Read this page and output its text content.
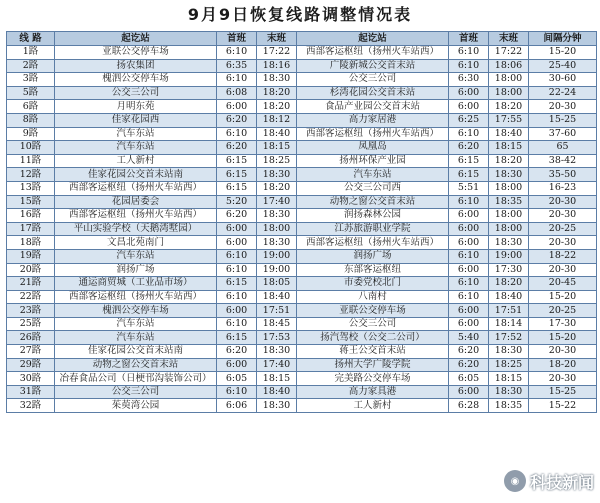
9月9日恢复线路调整情况表
线 路	起讫站	首班	末班	起讫站	首班	末班	间隔分钟
1路	亚联公交停车场	6:10	17:22	西部客运枢纽（扬州火车站西）	6:10	17:22	15-20
2路	扬农集团	6:35	18:16	广陵新城公交首末站	6:10	18:06	25-40
3路	槐泗公交停车场	6:10	18:30	公交三公司	6:30	18:00	30-60
5路	公交三公司	6:08	18:20	杉湾花园公交首末站	6:00	18:00	22-24
6路	月明东苑	6:00	18:20	食品产业园公交首末站	6:00	18:20	20-30
8路	佳家花园西	6:20	18:12	高力家居港	6:25	17:55	15-25
9路	汽车东站	6:10	18:40	西部客运枢纽（扬州火车站西）	6:10	18:40	37-60
10路	汽车东站	6:20	18:15	凤凰岛	6:20	18:15	65
11路	工人新村	6:15	18:25	扬州环保产业园	6:15	18:20	38-42
12路	佳家花园公交首末站南	6:15	18:30	汽车东站	6:15	18:30	35-50
13路	西部客运枢纽（扬州火车站西）	6:15	18:20	公交三公司西	5:51	18:00	16-23
15路	花园居委会	5:20	17:40	动物之窗公交首末站	6:10	18:35	20-30
16路	西部客运枢纽（扬州火车站西）	6:20	18:30	润扬森林公园	6:00	18:00	20-30
17路	平山实验学校（天鹅湾墅园）	6:00	18:00	江苏旅游职业学院	6:00	18:00	20-25
18路	文昌北苑南门	6:00	18:30	西部客运枢纽（扬州火车站西）	6:00	18:30	20-30
19路	汽车东站	6:10	19:00	润扬广场	6:10	19:00	18-22
20路	润扬广场	6:10	19:00	东部客运枢纽	6:00	17:30	20-30
21路	通运商贸城（工业品市场）	6:15	18:05	市委党校北门	6:10	18:20	20-45
22路	西部客运枢纽（扬州火车站西）	6:10	18:40	八南村	6:10	18:40	15-20
23路	槐泗公交停车场	6:00	17:51	亚联公交停车场	6:00	17:51	20-25
25路	汽车东站	6:10	18:45	公交三公司	6:00	18:14	17-30
26路	汽车东站	6:15	17:53	扬汽驾校（公交二公司）	5:40	17:52	15-20
27路	佳家花园公交首末站南	6:20	18:30	蒋王公交首末站	6:20	18:30	20-30
29路	动物之窗公交首末站	6:00	17:40	扬州大学广陵学院	6:20	18:25	18-20
30路	冶春食品公司（日梗邗沟装饰公司）	6:05	18:15	完美路公交停车场	6:05	18:15	20-30
31路	公交三公司	6:10	18:40	高力家具港	6:00	18:30	15-25
32路	茱萸湾公园	6:06	18:30	工人新村	6:28	18:35	15-22
◉ 科技新闻
